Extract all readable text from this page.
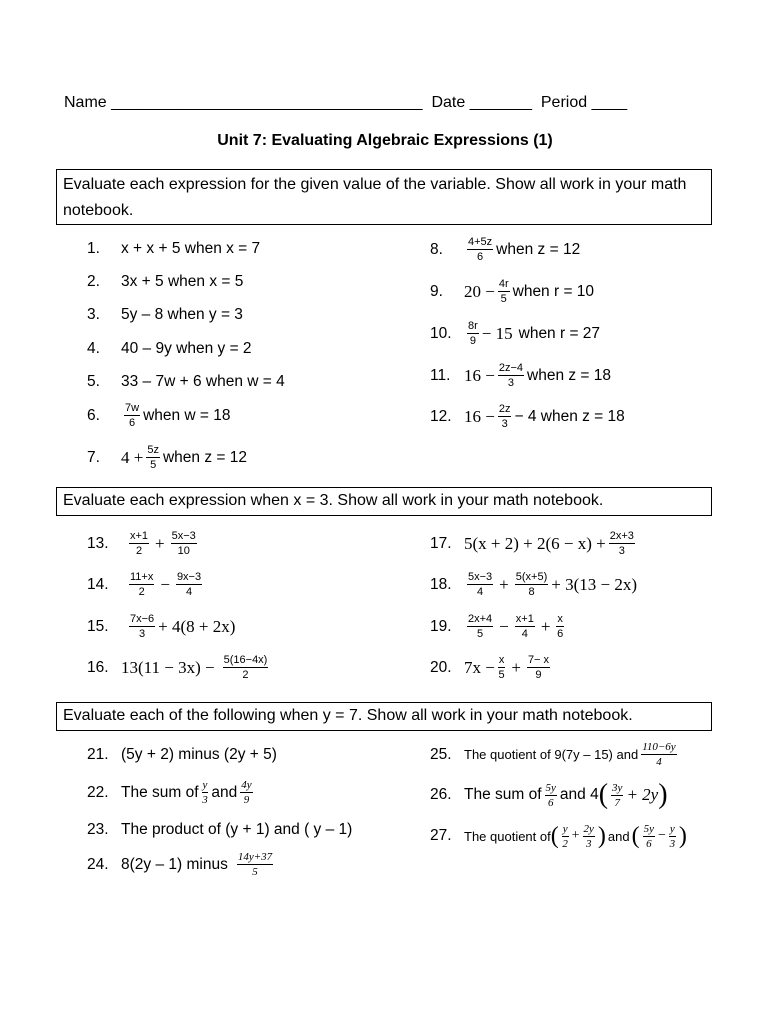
Name ___________________________________  Date _______  Period ____
Unit 7: Evaluating Algebraic Expressions (1)
Evaluate each expression for the given value of the variable. Show all work in your math notebook.
1.	x + x + 5 when x = 7
2.	3x + 5 when x = 5
3.	5y – 8 when y = 3
4.	40 – 9y when y = 2
5.	33 – 7w + 6 when w = 4
6.	$\frac{7w}{6}$ when w = 18
7.	$4 + \frac{5z}{5}$ when z = 12
8.	$\frac{4+5z}{6}$ when z = 12
9.	$20 - \frac{4r}{5}$ when r = 10
10.	$\frac{8r}{9} - 15$ when r = 27
11. $16 - \frac{2z-4}{3}$ when z = 18
12. $16 - \frac{2z}{3} - 4$ when z = 18
Evaluate each expression when x = 3. Show all work in your math notebook.
13.	$\frac{x+1}{2} + \frac{5x-3}{10}$
14.	$\frac{11+x}{2} - \frac{9x-3}{4}$
15.	$\frac{7x-6}{3} + 4(8 + 2x)$
16. $13(11 - 3x) - \frac{5(16-4x)}{2}$
17. $5(x + 2) + 2(6 - x) + \frac{2x+3}{3}$
18.	$\frac{5x-3}{4} + \frac{5(x+5)}{8} + 3(13 - 2x)$
19.	$\frac{2x+4}{5} - \frac{x+1}{4} + \frac{x}{6}$
20. $7x - \frac{x}{5} + \frac{7- x}{9}$
Evaluate each of the following when y = 7. Show all work in your math notebook.
21. (5y + 2) minus (2y + 5)
22. The sum of $\frac{y}{3}$ and $\frac{4y}{9}$
23. The product of (y + 1) and ( y – 1)
24. 8(2y – 1) minus $\frac{14y+37}{5}$
25. The quotient of 9(7y – 15) and $\frac{110-6y}{4}$
26. The sum of $\frac{5y}{6}$ and 4 ( $\frac{3y}{7} + 2y$ )
27. The quotient of ( $\frac{y}{2} + \frac{2y}{3}$ ) and ( $\frac{5y}{6} - \frac{y}{3}$ )
